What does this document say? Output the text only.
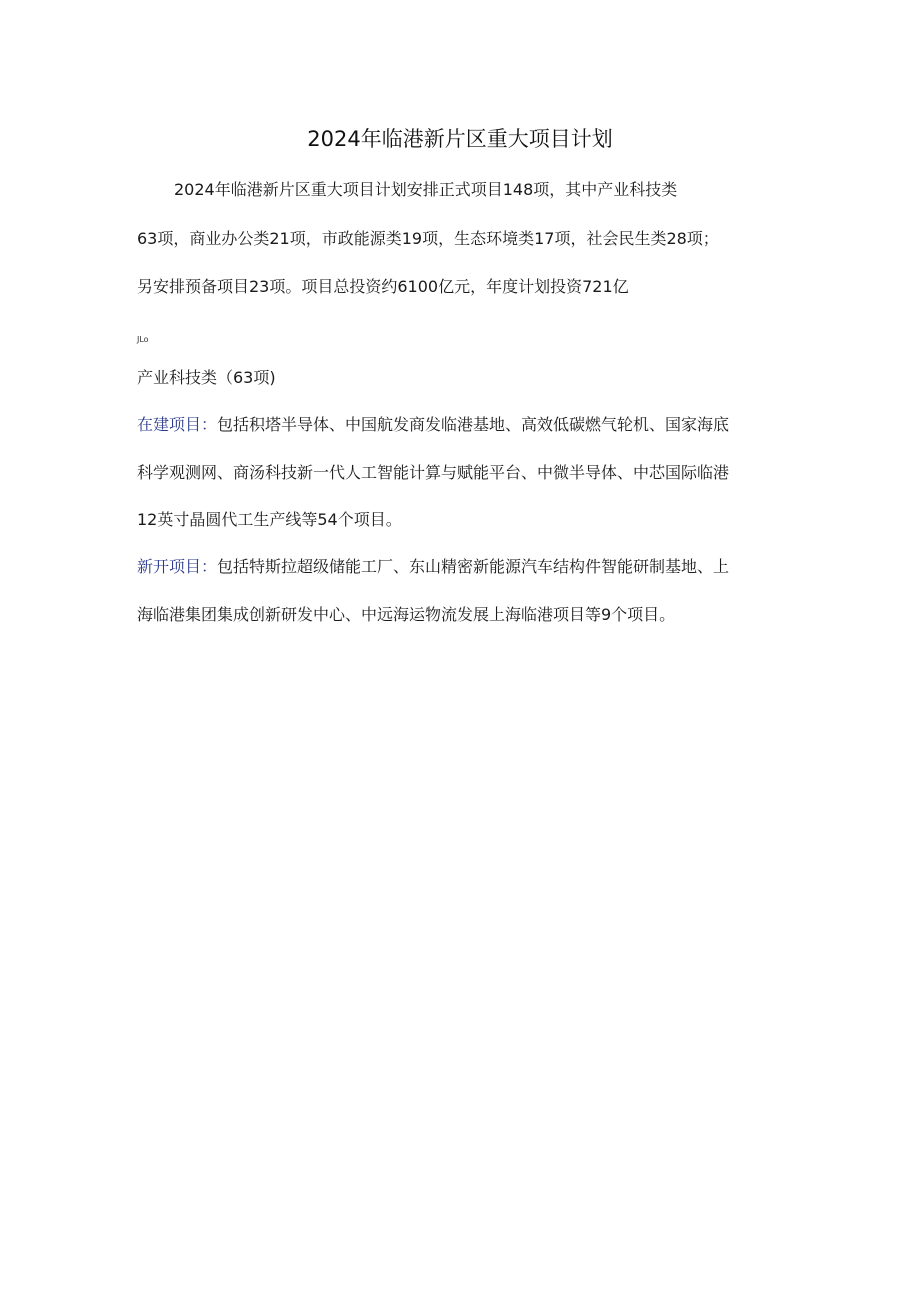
2024年临港新片区重大项目计划
2024年临港新片区重大项目计划安排正式项目148项，其中产业科技类
63项，商业办公类21项，市政能源类19项，生态环境类17项，社会民生类28项；
另安排预备项目23项。项目总投资约6100亿元，年度计划投资721亿
JLo
产业科技类（63项)
在建项目：包括积塔半导体、中国航发商发临港基地、高效低碳燃气轮机、国家海底
科学观测网、商汤科技新一代人工智能计算与赋能平台、中微半导体、中芯国际临港
12英寸晶圆代工生产线等54个项目。
新开项目：包括特斯拉超级储能工厂、东山精密新能源汽车结构件智能研制基地、上
海临港集团集成创新研发中心、中远海运物流发展上海临港项目等9个项目。
